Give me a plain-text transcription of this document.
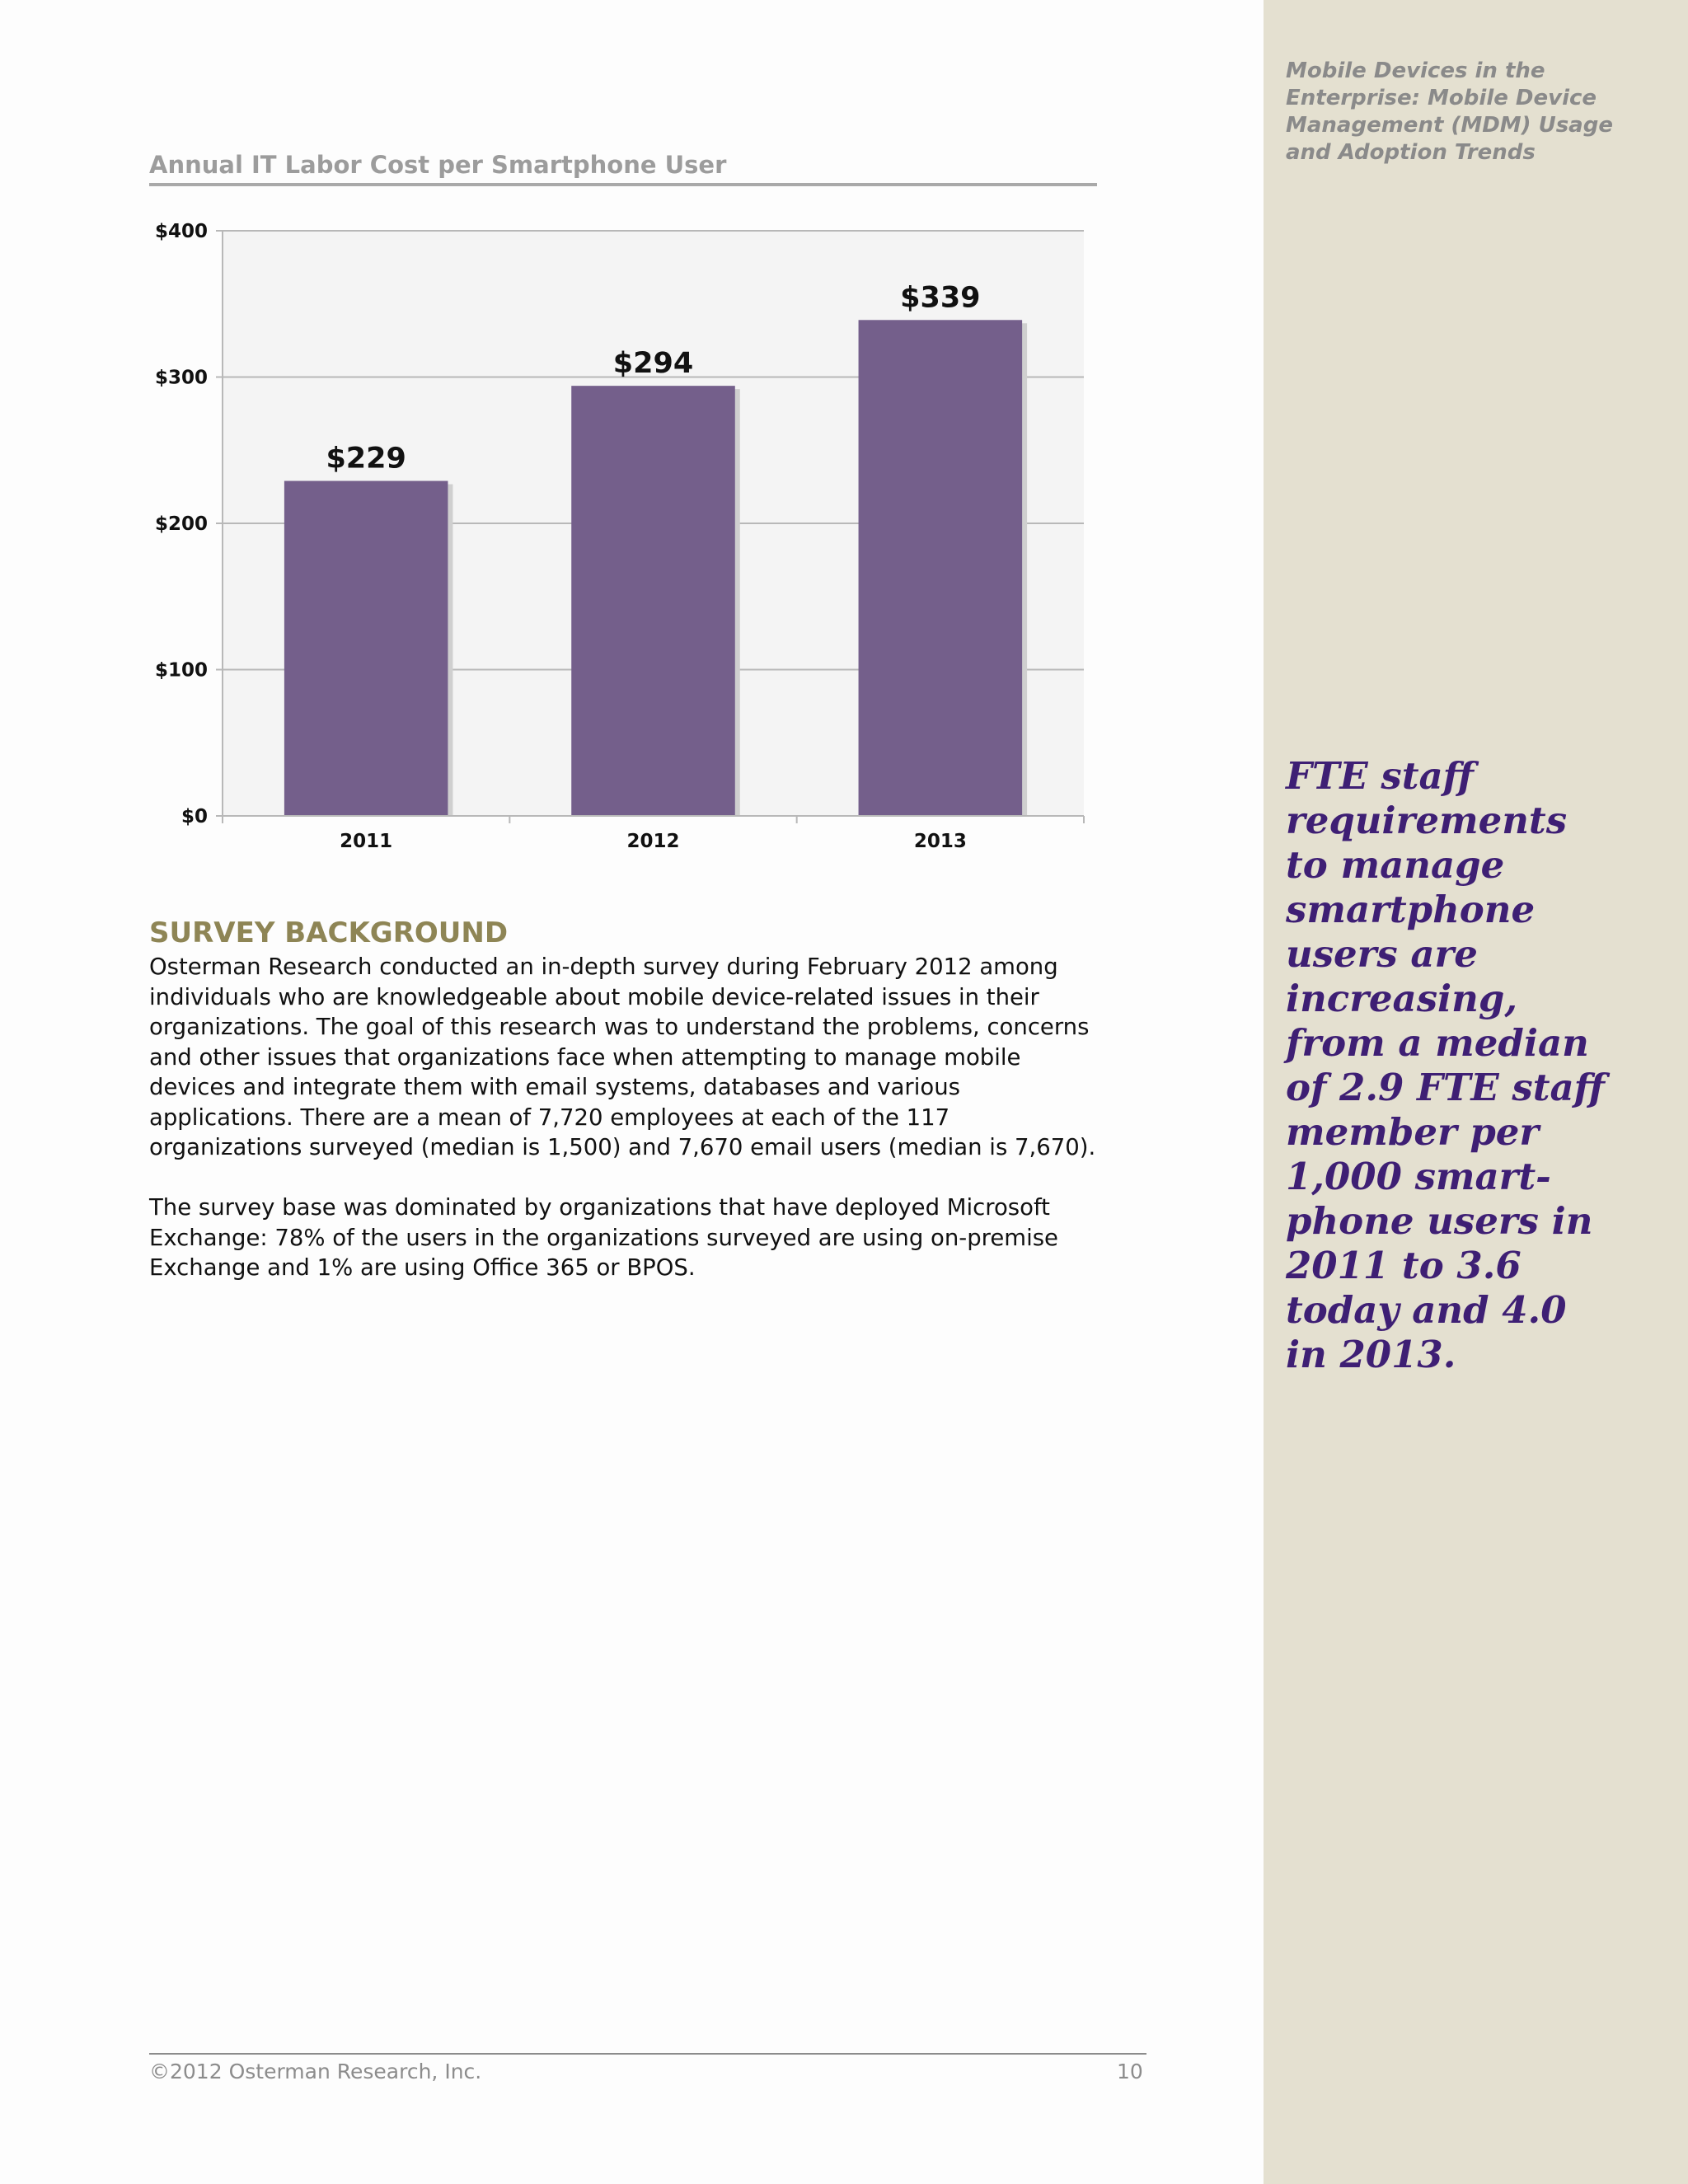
Mobile Devices in the Enterprise: Mobile Device Management (MDM) Usage and Adoption Trends

FTE staff requirements to manage smartphone users are increasing, from a median of 2.9 FTE staff member per 1,000 smart-phone users in 2011 to 3.6 today and 4.0 in 2013.

Annual IT Labor Cost per Smartphone User

$0
$100
$200
$300
$400
$229
2011
$294
2012
$339
2013
SURVEY BACKGROUND

Osterman Research conducted an in-depth survey during February 2012 among individuals who are knowledgeable about mobile device-related issues in their organizations. The goal of this research was to understand the problems, concerns and other issues that organizations face when attempting to manage mobile devices and integrate them with email systems, databases and various applications. There are a mean of 7,720 employees at each of the 117 organizations surveyed (median is 1,500) and 7,670 email users (median is 7,670).

The survey base was dominated by organizations that have deployed Microsoft Exchange: 78% of the users in the organizations surveyed are using on-premise Exchange and 1% are using Office 365 or BPOS.

©2012 Osterman Research, Inc.	10
